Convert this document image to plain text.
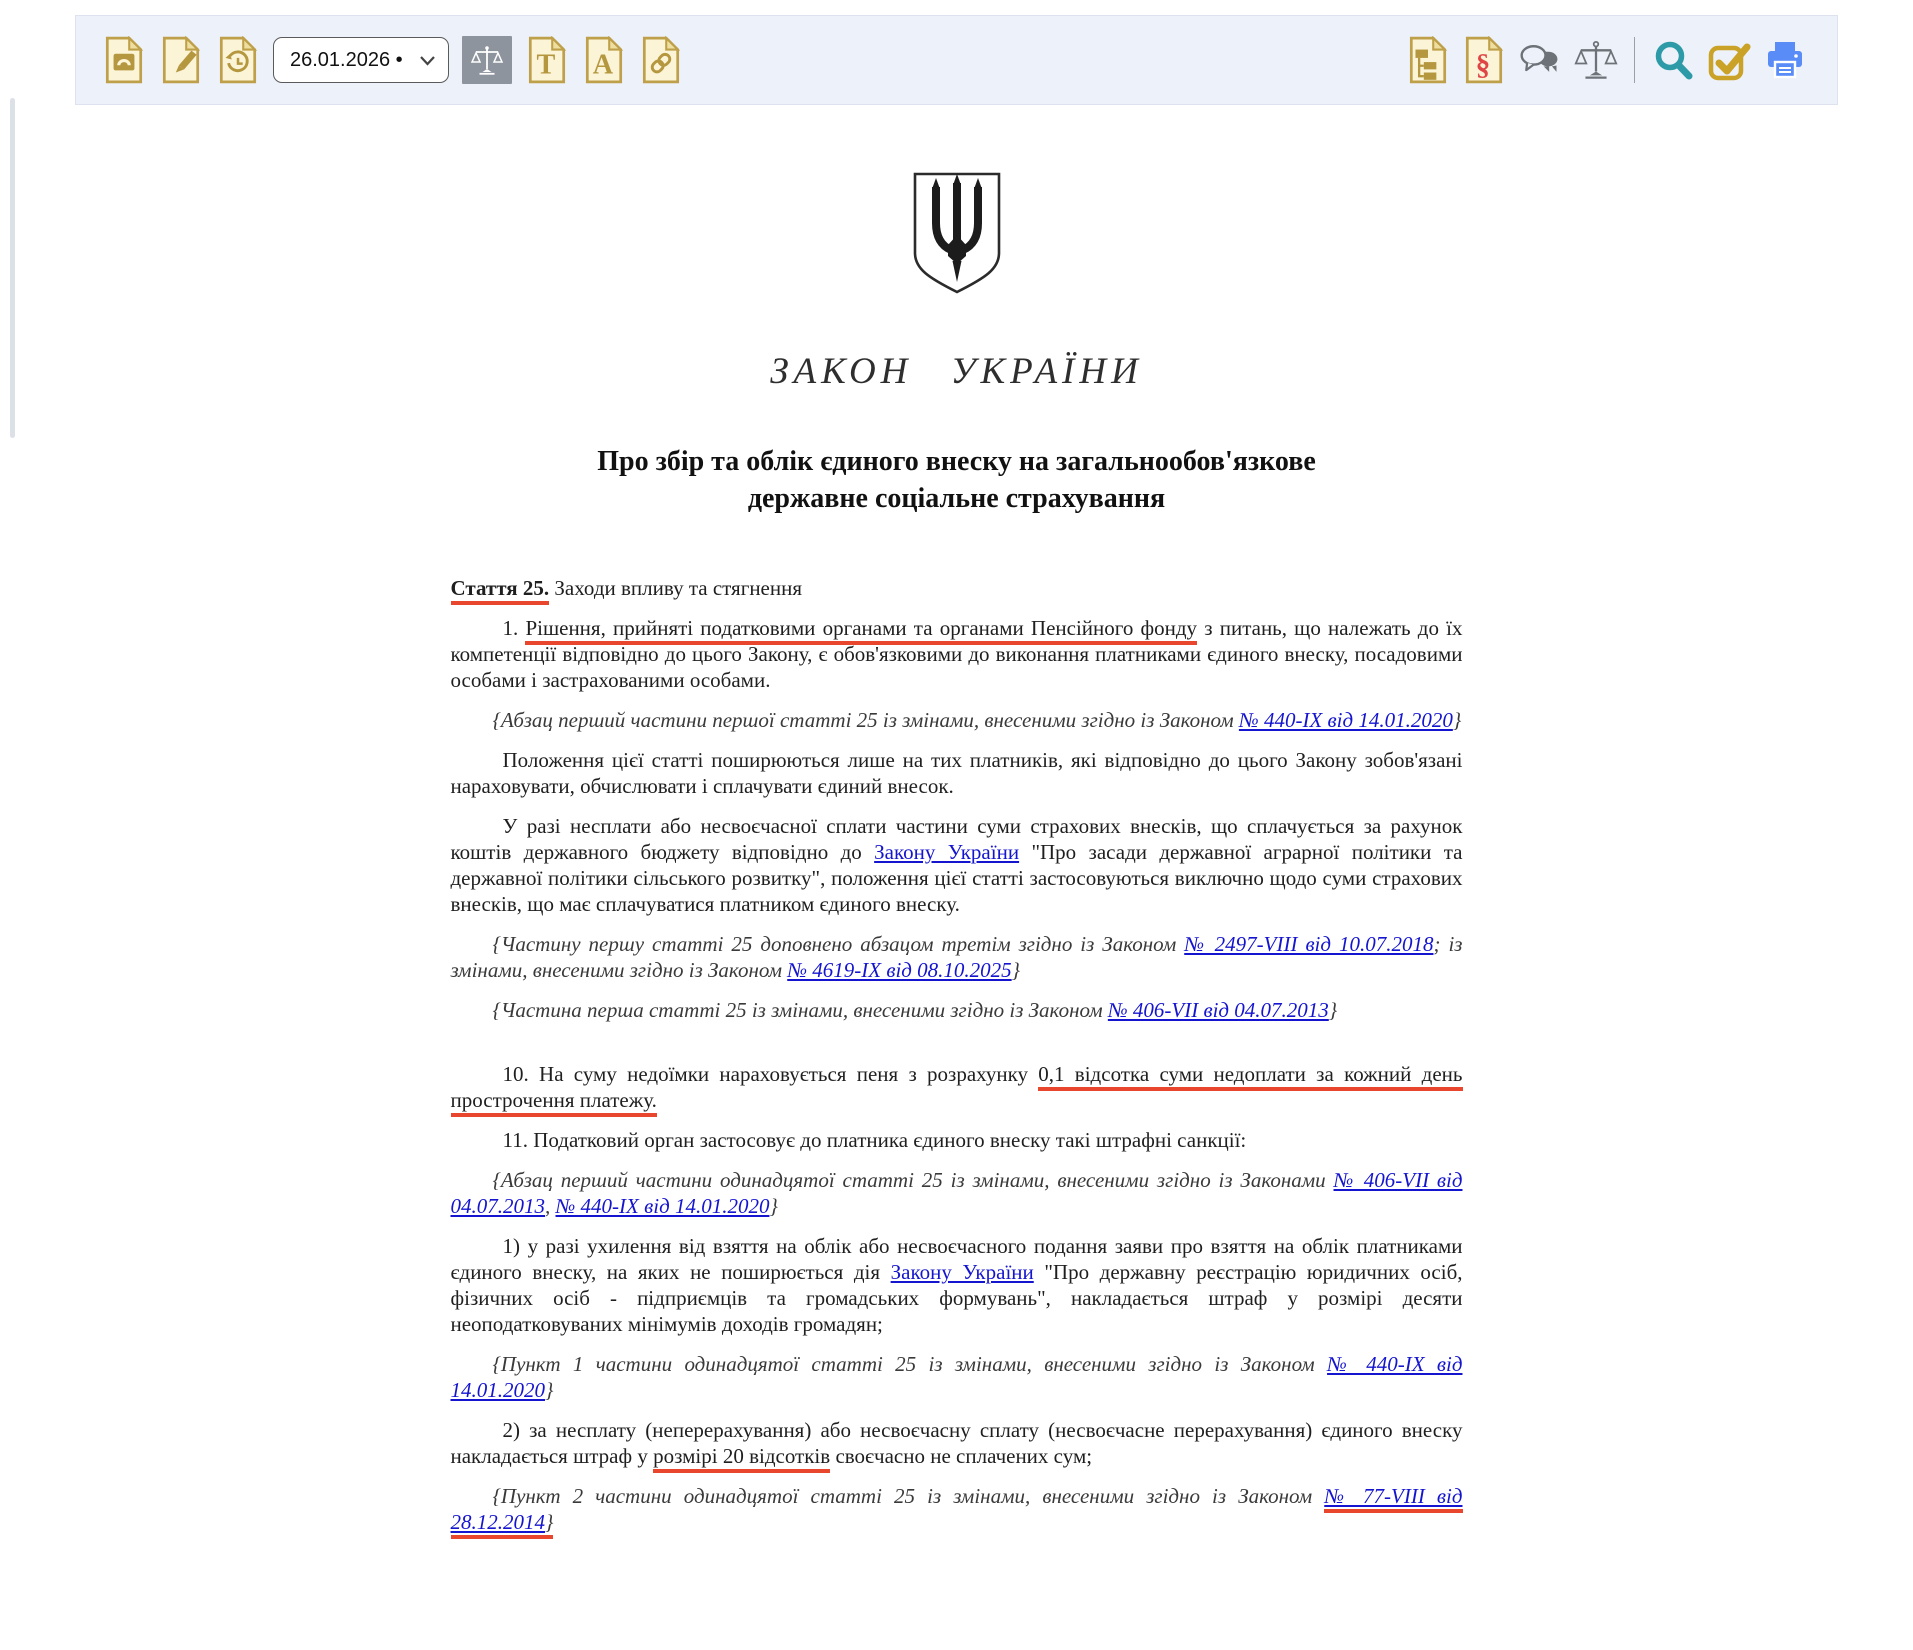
26.01.2026 •	T A	§
ЗАКОН УКРАЇНИ
Про збір та облік єдиного внеску на загальнообов'язкове
державне соціальне страхування

Стаття 25. Заходи впливу та стягнення

1. Рішення, прийняті податковими органами та органами Пенсійного фонду з питань, що належать до їх компетенції відповідно до цього Закону, є обов'язковими до виконання платниками єдиного внеску, посадовими особами і застрахованими особами.

{Абзац перший частини першої статті 25 із змінами, внесеними згідно із Законом № 440-IX від 14.01.2020}

Положення цієї статті поширюються лише на тих платників, які відповідно до цього Закону зобов'язані нараховувати, обчислювати і сплачувати єдиний внесок.

У разі несплати або несвоєчасної сплати частини суми страхових внесків, що сплачується за рахунок коштів державного бюджету відповідно до Закону України "Про засади державної аграрної політики та державної політики сільського розвитку", положення цієї статті застосовуються виключно щодо суми страхових внесків, що має сплачуватися платником єдиного внеску.

{Частину першу статті 25 доповнено абзацом третім згідно із Законом № 2497-VIII від 10.07.2018; із змінами, внесеними згідно із Законом № 4619-IX від 08.10.2025}

{Частина перша статті 25 із змінами, внесеними згідно із Законом № 406-VII від 04.07.2013}

10. На суму недоїмки нараховується пеня з розрахунку 0,1 відсотка суми недоплати за кожний день прострочення платежу.

11. Податковий орган застосовує до платника єдиного внеску такі штрафні санкції:

{Абзац перший частини одинадцятої статті 25 із змінами, внесеними згідно із Законами № 406-VII від 04.07.2013, № 440-IX від 14.01.2020}

1) у разі ухилення від взяття на облік або несвоєчасного подання заяви про взяття на облік платниками єдиного внеску, на яких не поширюється дія Закону України "Про державну реєстрацію юридичних осіб, фізичних осіб - підприємців та громадських формувань", накладається штраф у розмірі десяти неоподатковуваних мінімумів доходів громадян;

{Пункт 1 частини одинадцятої статті 25 із змінами, внесеними згідно із Законом № 440-IX від 14.01.2020}

2) за несплату (неперерахування) або несвоєчасну сплату (несвоєчасне перерахування) єдиного внеску накладається штраф у розмірі 20 відсотків своєчасно не сплачених сум;

{Пункт 2 частини одинадцятої статті 25 із змінами, внесеними згідно із Законом № 77-VIII від 28.12.2014}
